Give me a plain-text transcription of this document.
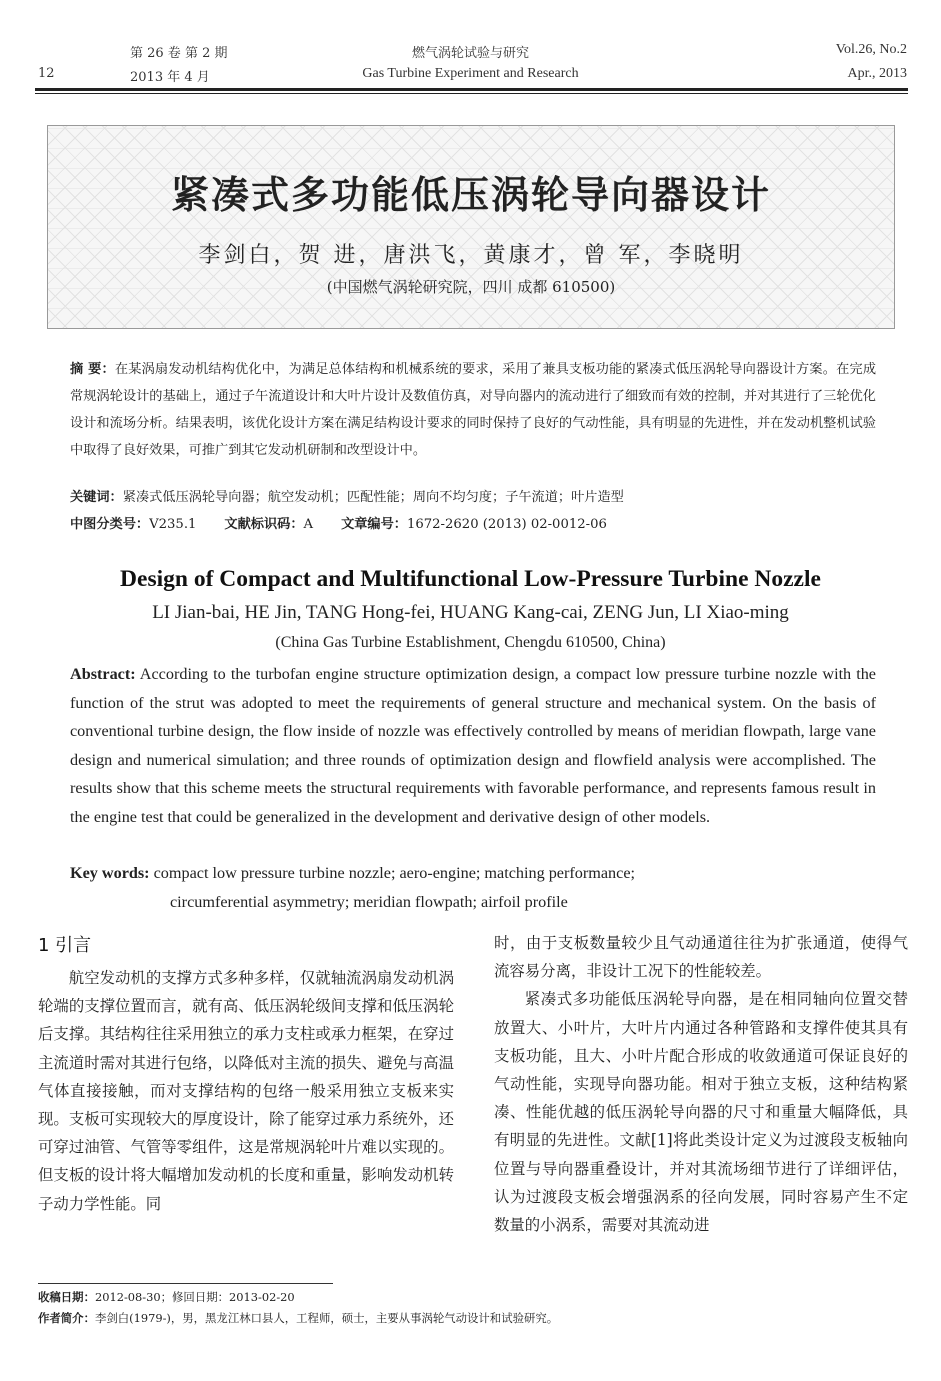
12
第 26 卷 第 2 期
2013 年 4 月
燃气涡轮试验与研究
Gas Turbine Experiment and Research
Vol.26, No.2
Apr., 2013
紧凑式多功能低压涡轮导向器设计
李剑白，贺 进，唐洪飞，黄康才，曾 军，李晓明
(中国燃气涡轮研究院，四川 成都 610500)
摘 要：在某涡扇发动机结构优化中，为满足总体结构和机械系统的要求，采用了兼具支板功能的紧凑式低压涡轮导向器设计方案。在完成常规涡轮设计的基础上，通过子午流道设计和大叶片设计及数值仿真，对导向器内的流动进行了细致而有效的控制，并对其进行了三轮优化设计和流场分析。结果表明，该优化设计方案在满足结构设计要求的同时保持了良好的气动性能，具有明显的先进性，并在发动机整机试验中取得了良好效果，可推广到其它发动机研制和改型设计中。
关键词：紧凑式低压涡轮导向器；航空发动机；匹配性能；周向不均匀度；子午流道；叶片造型
中图分类号：V235.1 文献标识码：A 文章编号：1672-2620 (2013) 02-0012-06
Design of Compact and Multifunctional Low-Pressure Turbine Nozzle
LI Jian-bai, HE Jin, TANG Hong-fei, HUANG Kang-cai, ZENG Jun, LI Xiao-ming
(China Gas Turbine Establishment, Chengdu 610500, China)
Abstract: According to the turbofan engine structure optimization design, a compact low pressure turbine nozzle with the function of the strut was adopted to meet the requirements of general structure and mechanical system. On the basis of conventional turbine design, the flow inside of nozzle was effectively controlled by means of meridian flowpath, large vane design and numerical simulation; and three rounds of optimization design and flowfield analysis were accomplished. The results show that this scheme meets the structural requirements with favorable performance, and represents famous result in the engine test that could be generalized in the development and derivative design of other models.
Key words: compact low pressure turbine nozzle; aero-engine; matching performance;
circumferential asymmetry; meridian flowpath; airfoil profile
1 引言

航空发动机的支撑方式多种多样，仅就轴流涡扇发动机涡轮端的支撑位置而言，就有高、低压涡轮级间支撑和低压涡轮后支撑。其结构往往采用独立的承力支柱或承力框架，在穿过主流道时需对其进行包络，以降低对主流的损失、避免与高温气体直接接触，而对支撑结构的包络一般采用独立支板来实现。支板可实现较大的厚度设计，除了能穿过承力系统外，还可穿过油管、气管等零组件，这是常规涡轮叶片难以实现的。但支板的设计将大幅增加发动机的长度和重量，影响发动机转子动力学性能。同

时，由于支板数量较少且气动通道往往为扩张通道，使得气流容易分离，非设计工况下的性能较差。

紧凑式多功能低压涡轮导向器，是在相同轴向位置交替放置大、小叶片，大叶片内通过各种管路和支撑件使其具有支板功能，且大、小叶片配合形成的收敛通道可保证良好的气动性能，实现导向器功能。相对于独立支板，这种结构紧凑、性能优越的低压涡轮导向器的尺寸和重量大幅降低，具有明显的先进性。文献[1]将此类设计定义为过渡段支板轴向位置与导向器重叠设计，并对其流场细节进行了详细评估，认为过渡段支板会增强涡系的径向发展，同时容易产生不定数量的小涡系，需要对其流动进

收稿日期：2012-08-30；修回日期：2013-02-20
作者简介：李剑白(1979-)，男，黑龙江林口县人，工程师，硕士，主要从事涡轮气动设计和试验研究。
